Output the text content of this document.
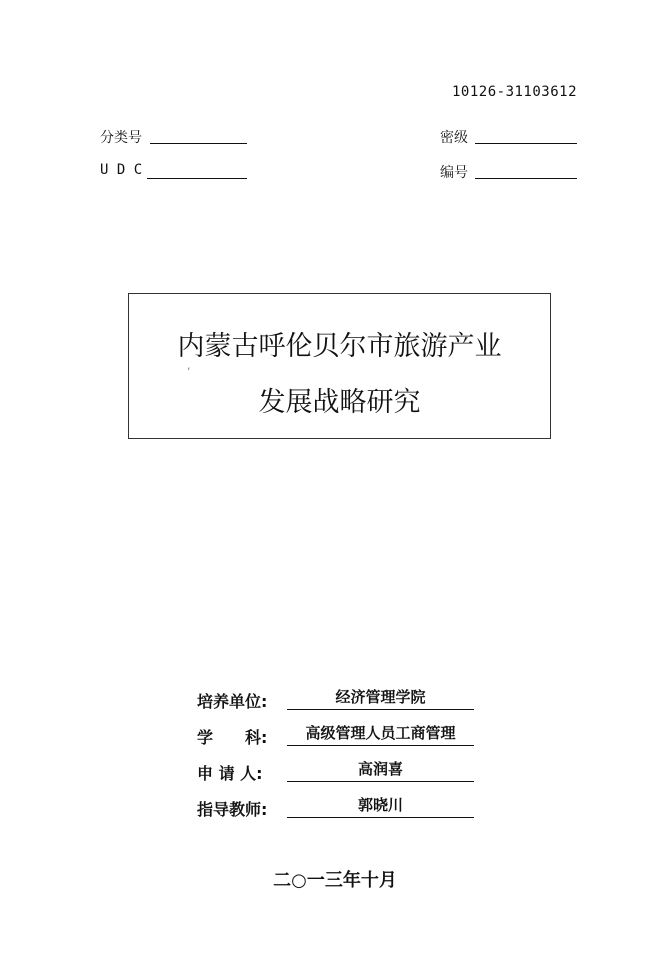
10126-31103612
分类号
U D C
密级
编号
内蒙古呼伦贝尔市旅游产业
发展战略研究
’
培养单位:	经济管理学院
学　　科:	高级管理人员工商管理
申 请 人:	高润喜
指导教师:	郭晓川
二○一三年十月
